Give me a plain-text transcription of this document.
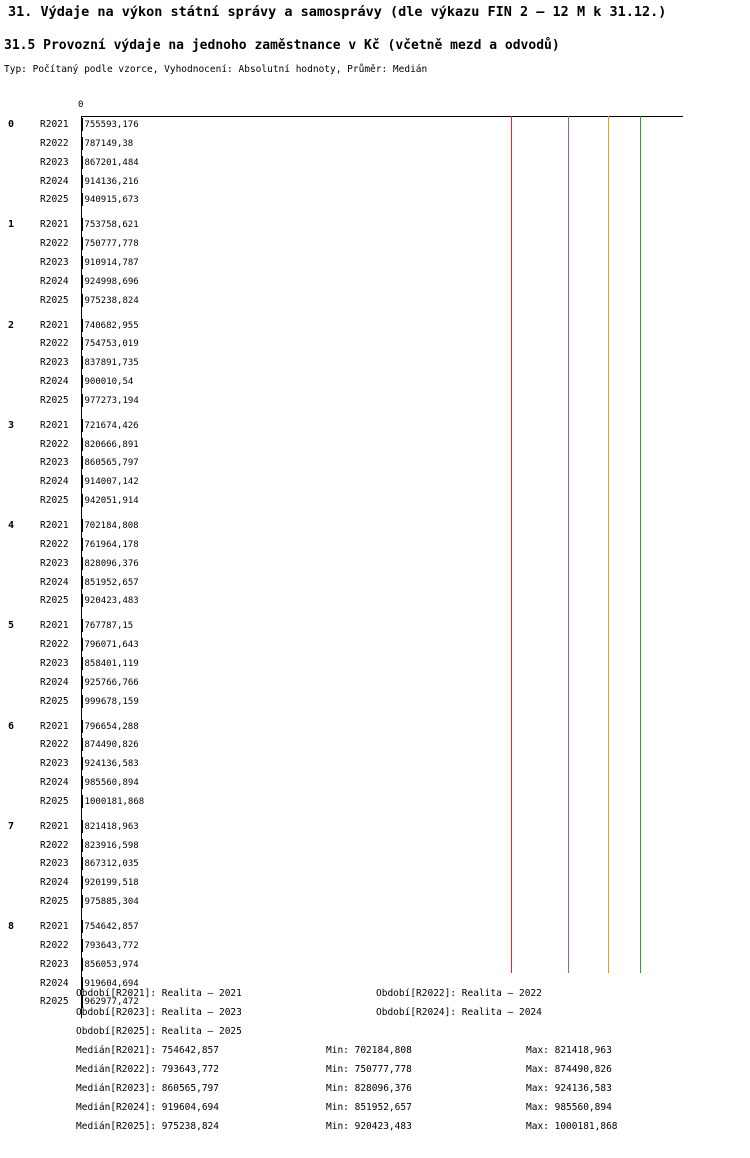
31. Výdaje na výkon státní správy a samosprávy (dle výkazu FIN 2 – 12 M k 31.12.)
31.5 Provozní výdaje na jednoho zaměstnance v Kč (včetně mezd a odvodů)
Typ: Počítaný podle vzorce, Vyhodnocení: Absolutní hodnoty, Průměr: Medián
0
0	R2021 755593,176
R2022 787149,38
R2023 867201,484
R2024 914136,216
R2025 940915,673
1	R2021 753758,621
R2022 750777,778
R2023 910914,787
R2024 924998,696
R2025 975238,824
2	R2021 740682,955
R2022 754753,019
R2023 837891,735
R2024 900010,54
R2025 977273,194
3	R2021 721674,426
R2022 820666,891
R2023 860565,797
R2024 914007,142
R2025 942051,914
4	R2021 702184,808
R2022 761964,178
R2023 828096,376
R2024 851952,657
R2025 920423,483
5	R2021 767787,15
R2022 796071,643
R2023 858401,119
R2024 925766,766
R2025 999678,159
6	R2021 796654,288
R2022 874490,826
R2023 924136,583
R2024 985560,894
R2025 1000181,868
7	R2021 821418,963
R2022 823916,598
R2023 867312,035
R2024 920199,518
R2025 975885,304
8	R2021 754642,857
R2022 793643,772
R2023 856053,974
R2024 919604,694
R2025 962977,472
Období[R2021]: Realita – 2021	Období[R2022]: Realita – 2022
Období[R2023]: Realita – 2023	Období[R2024]: Realita – 2024
Období[R2025]: Realita – 2025
Medián[R2021]: 754642,857	Min: 702184,808	Max: 821418,963
Medián[R2022]: 793643,772	Min: 750777,778	Max: 874490,826
Medián[R2023]: 860565,797	Min: 828096,376	Max: 924136,583
Medián[R2024]: 919604,694	Min: 851952,657	Max: 985560,894
Medián[R2025]: 975238,824	Min: 920423,483	Max: 1000181,868
